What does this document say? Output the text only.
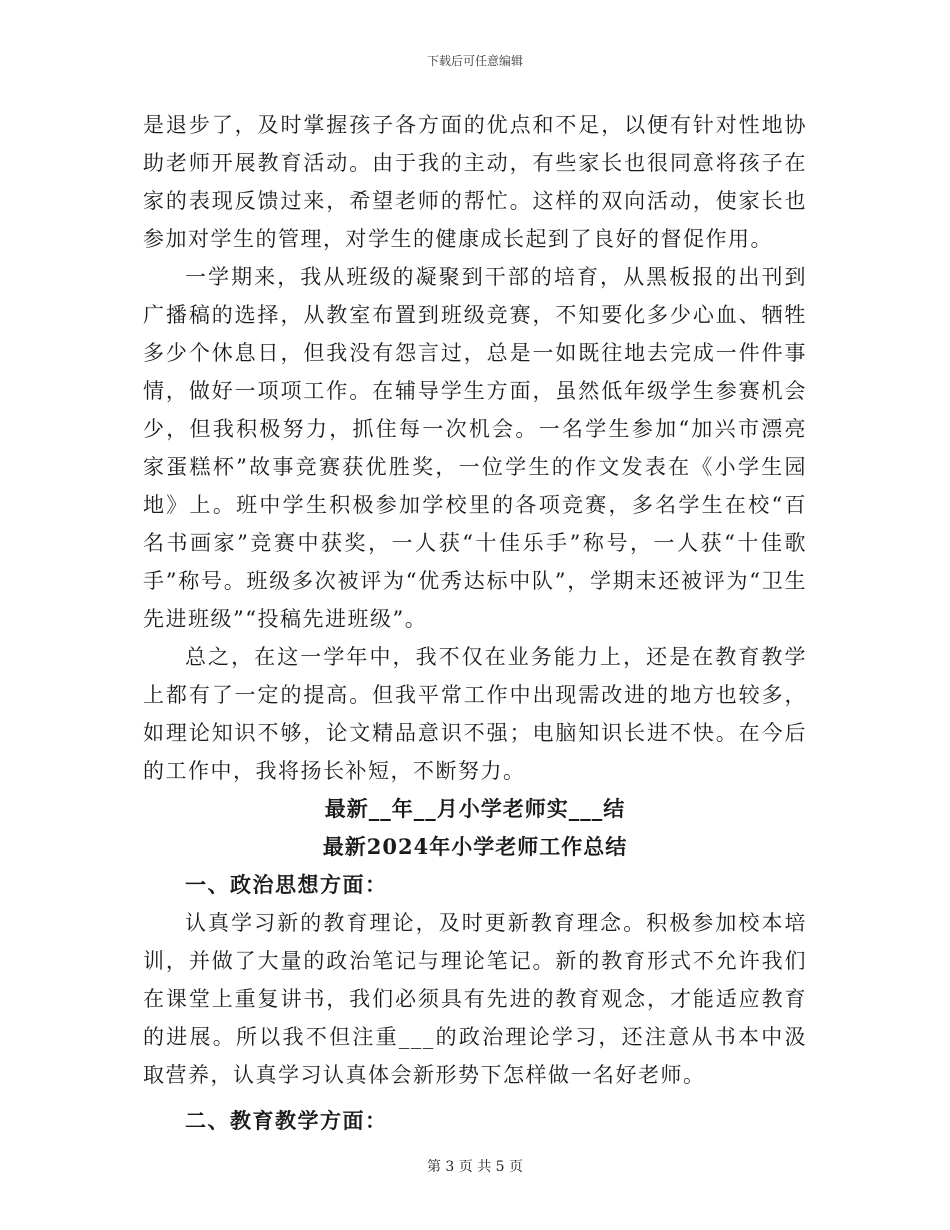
下载后可任意编辑

是退步了，及时掌握孩子各方面的优点和不足，以便有针对性地协助老师开展教育活动。由于我的主动，有些家长也很同意将孩子在家的表现反馈过来，希望老师的帮忙。这样的双向活动，使家长也参加对学生的管理，对学生的健康成长起到了良好的督促作用。

一学期来，我从班级的凝聚到干部的培育，从黑板报的出刊到广播稿的选择，从教室布置到班级竞赛，不知要化多少心血、牺牲多少个休息日，但我没有怨言过，总是一如既往地去完成一件件事情，做好一项项工作。在辅导学生方面，虽然低年级学生参赛机会少，但我积极努力，抓住每一次机会。一名学生参加“加兴市漂亮家蛋糕杯”故事竞赛获优胜奖，一位学生的作文发表在《小学生园地》上。班中学生积极参加学校里的各项竞赛，多名学生在校“百名书画家”竞赛中获奖，一人获“十佳乐手”称号，一人获“十佳歌手”称号。班级多次被评为“优秀达标中队”，学期末还被评为“卫生先进班级”“投稿先进班级”。

总之，在这一学年中，我不仅在业务能力上，还是在教育教学上都有了一定的提高。但我平常工作中出现需改进的地方也较多，如理论知识不够，论文精品意识不强；电脑知识长进不快。在今后的工作中，我将扬长补短，不断努力。

最新__年__月小学老师实___结

最新2024年小学老师工作总结

一、政治思想方面：

认真学习新的教育理论，及时更新教育理念。积极参加校本培训，并做了大量的政治笔记与理论笔记。新的教育形式不允许我们在课堂上重复讲书，我们必须具有先进的教育观念，才能适应教育的进展。所以我不但注重___的政治理论学习，还注意从书本中汲取营养，认真学习认真体会新形势下怎样做一名好老师。

二、教育教学方面：

第 3 页 共 5 页
